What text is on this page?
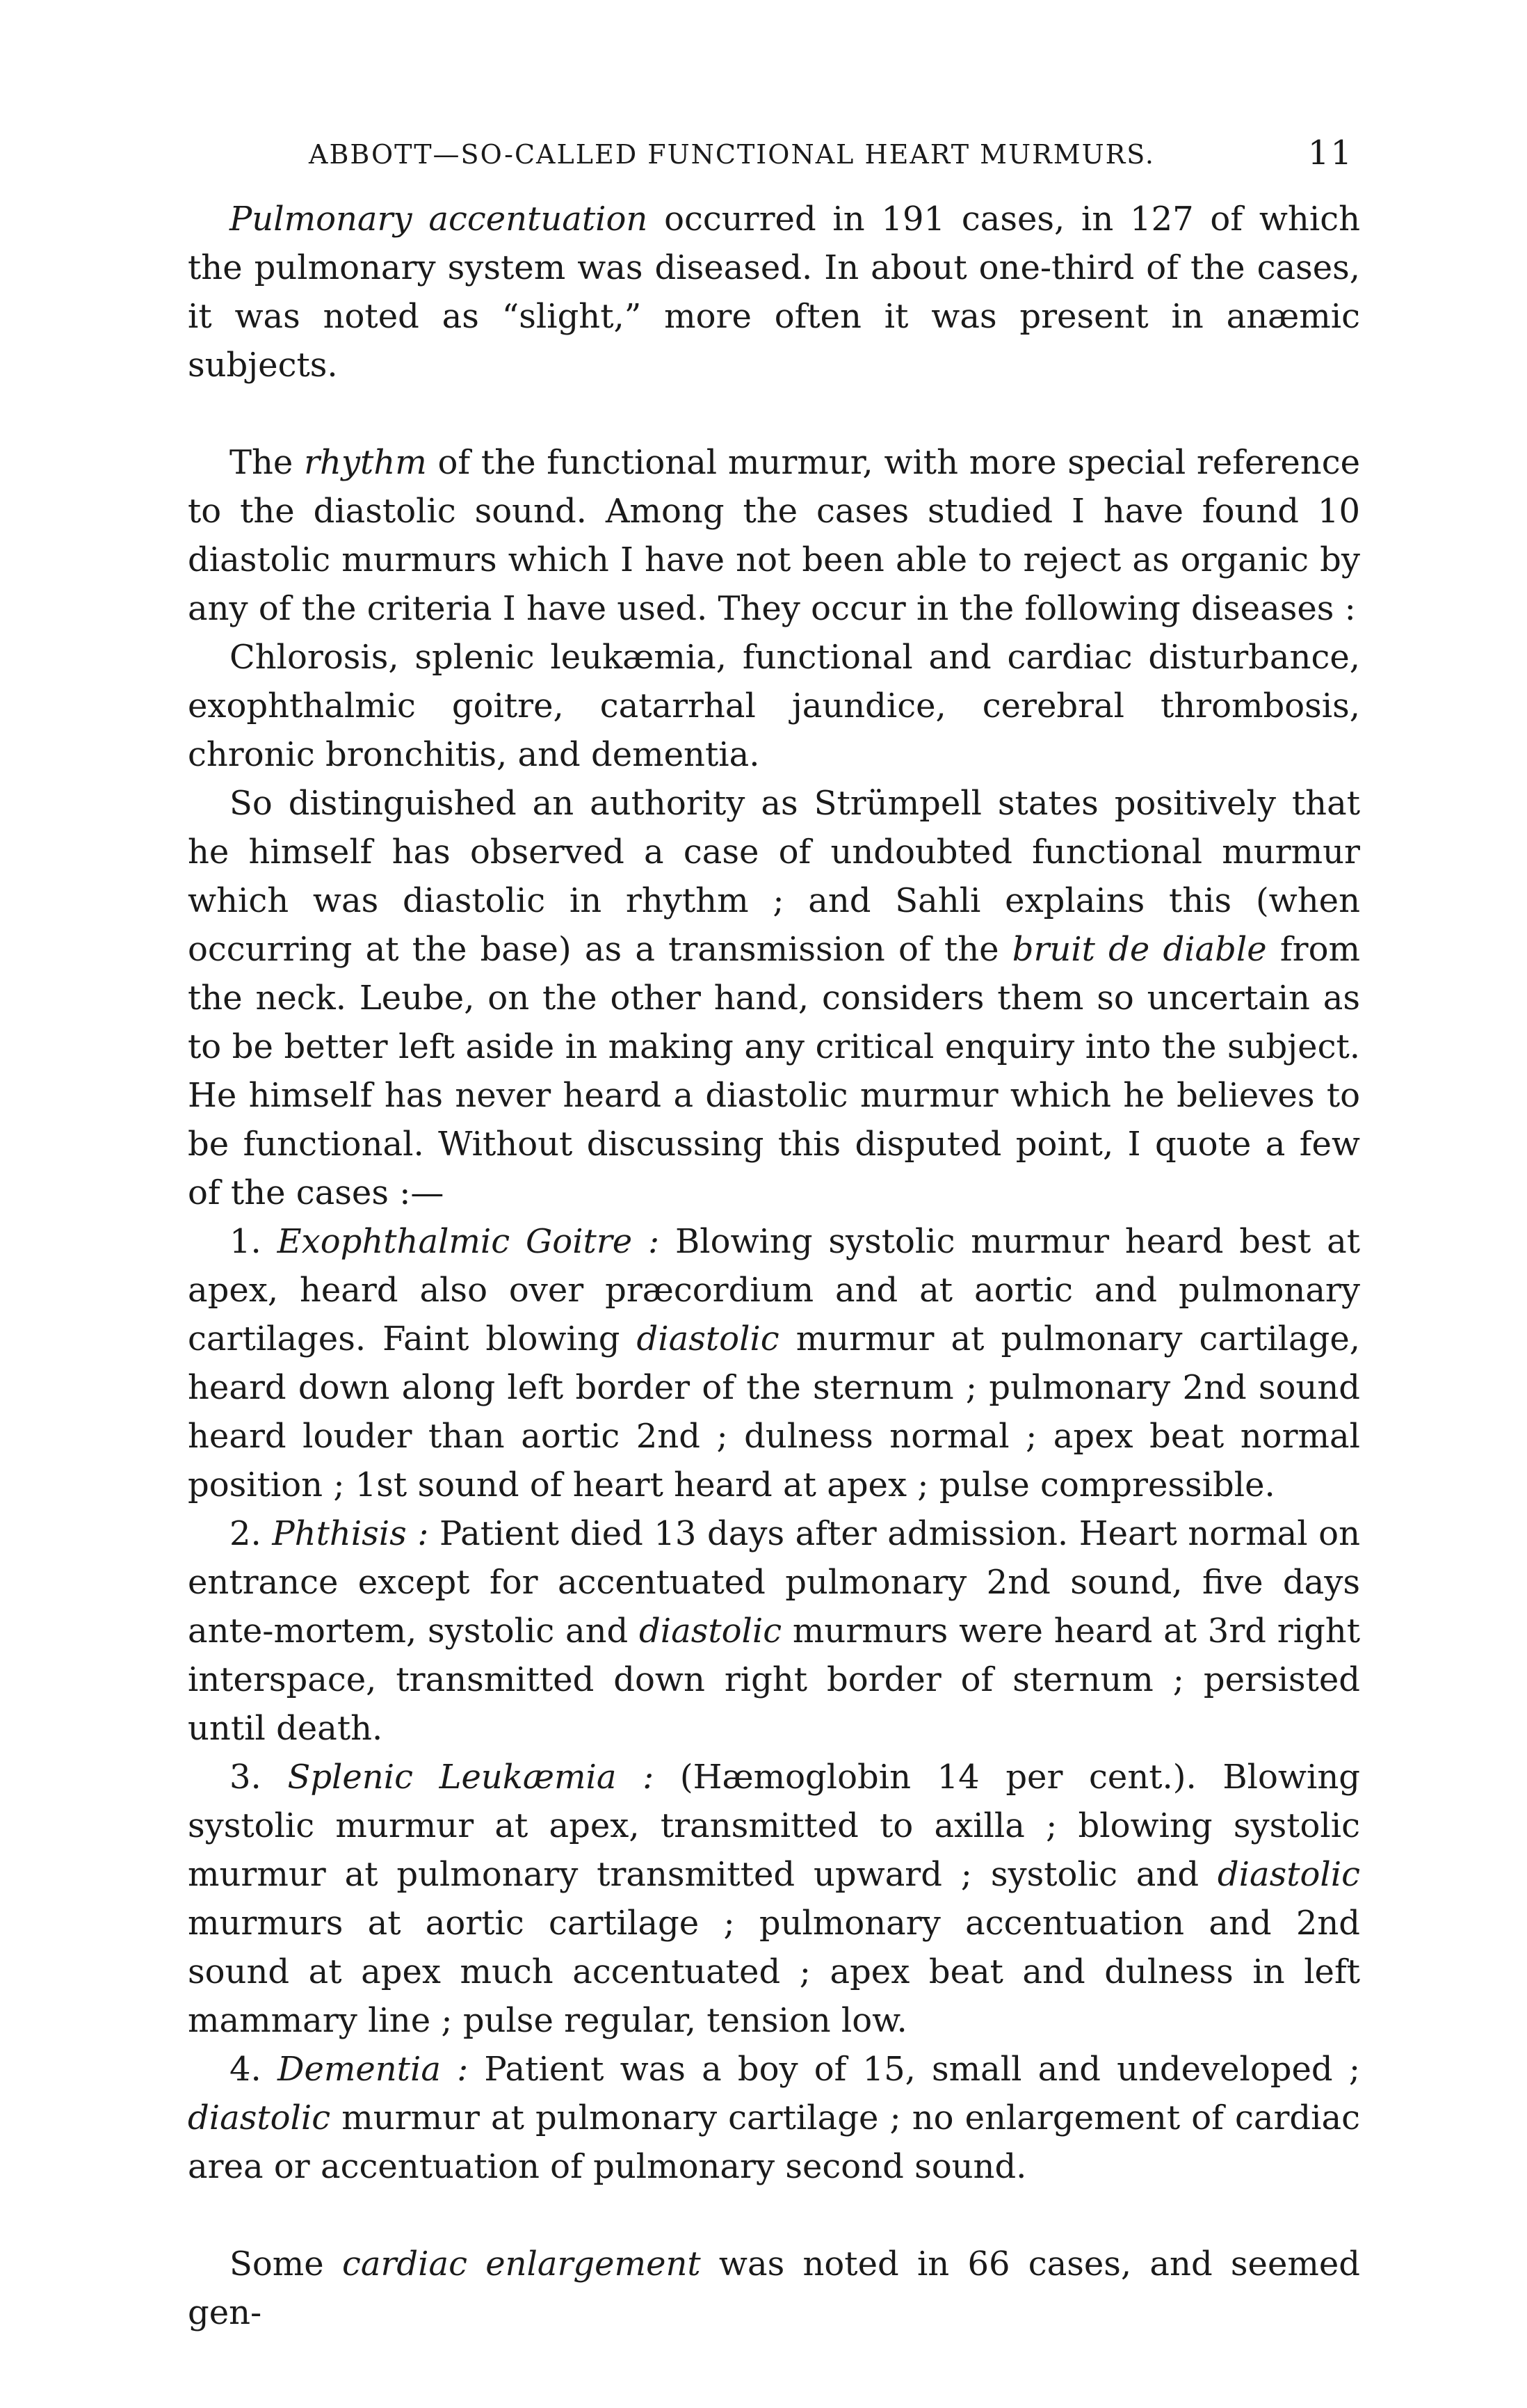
ABBOTT—SO-CALLED FUNCTIONAL HEART MURMURS.	11

Pulmonary accentuation occurred in 191 cases, in 127 of which the pulmonary system was diseased. In about one-third of the cases, it was noted as “slight,” more often it was present in anæmic subjects.

The rhythm of the functional murmur, with more special reference to the diastolic sound. Among the cases studied I have found 10 diastolic murmurs which I have not been able to reject as organic by any of the criteria I have used. They occur in the following diseases :

Chlorosis, splenic leukæmia, functional and cardiac disturbance, exophthalmic goitre, catarrhal jaundice, cerebral thrombosis, chronic bronchitis, and dementia.

So distinguished an authority as Strümpell states positively that he himself has observed a case of undoubted functional murmur which was diastolic in rhythm ; and Sahli explains this (when occurring at the base) as a transmission of the bruit de diable from the neck. Leube, on the other hand, considers them so uncertain as to be better left aside in making any critical enquiry into the subject. He himself has never heard a diastolic murmur which he believes to be functional. Without discussing this disputed point, I quote a few of the cases :—

1. Exophthalmic Goitre : Blowing systolic murmur heard best at apex, heard also over præcordium and at aortic and pulmonary cartilages. Faint blowing diastolic murmur at pulmonary cartilage, heard down along left border of the sternum ; pulmonary 2nd sound heard louder than aortic 2nd ; dulness normal ; apex beat normal position ; 1st sound of heart heard at apex ; pulse compressible.

2. Phthisis : Patient died 13 days after admission. Heart normal on entrance except for accentuated pulmonary 2nd sound, five days ante-mortem, systolic and diastolic murmurs were heard at 3rd right interspace, transmitted down right border of sternum ; persisted until death.

3. Splenic Leukæmia : (Hæmoglobin 14 per cent.). Blowing systolic murmur at apex, transmitted to axilla ; blowing systolic murmur at pulmonary transmitted upward ; systolic and diastolic murmurs at aortic cartilage ; pulmonary accentuation and 2nd sound at apex much accentuated ; apex beat and dulness in left mammary line ; pulse regular, tension low.

4. Dementia : Patient was a boy of 15, small and undeveloped ; diastolic murmur at pulmonary cartilage ; no enlargement of cardiac area or accentuation of pulmonary second sound.

Some cardiac enlargement was noted in 66 cases, and seemed gen-
